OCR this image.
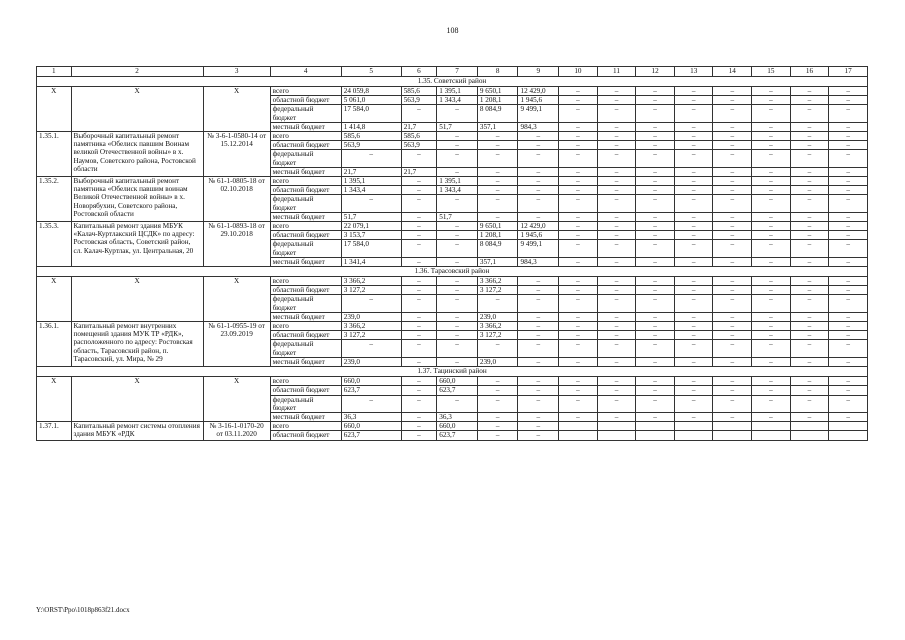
108
1	2	3	4	5	6	7	8	9	10	11	12	13	14	15	16	17
1.35. Советский район																
Х	Х	Х	всего	24 059,8	585,6	1 395,1	9 650,1	12 429,0	–	–	–	–	–	–	–	–
			областной бюджет	5 061,0	563,9	1 343,4	1 208,1	1 945,6	–	–	–	–	–	–	–	–
			федеральный бюджет	17 584,0	–	–	8 084,9	9 499,1	–	–	–	–	–	–	–	–
			местный бюджет	1 414,8	21,7	51,7	357,1	984,3	–	–	–	–	–	–	–	–
1.35.1.	Выборочный капитальный ремонт памятника «Обелиск павшим Воинам великой Отечественной войны» в х. Наумов, Советского района, Ростовской области	№ 3-6-1-0580-14 от 15.12.2014	всего	585,6	585,6	–	–	–	–	–	–	–	–	–	–	–
			областной бюджет	563,9	563,9	–	–	–	–	–	–	–	–	–	–	–
			федеральный бюджет	–	–	–	–	–	–	–	–	–	–	–	–	–
			местный бюджет	21,7	21,7	–	–	–	–	–	–	–	–	–	–	–
1.35.2.	Выборочный капитальный ремонт памятника «Обелиск павшим воинам Великой Отечественной войны» в х. Новорябухин, Советского района, Ростовской области	№ 61-1-0805-18 от 02.10.2018	всего	1 395,1	–	1 395,1	–	–	–	–	–	–	–	–	–	–
			областной бюджет	1 343,4	–	1 343,4	–	–	–	–	–	–	–	–	–	–
			федеральный бюджет	–	–	–	–	–	–	–	–	–	–	–	–	–
			местный бюджет	51,7	–	51,7	–	–	–	–	–	–	–	–	–	–
1.35.3.	Капитальный ремонт здания МБУК «Калач-Куртлакский ЦСДК» по адресу: Ростовская область, Советский район, сл. Калач-Куртлак, ул. Центральная, 20	№ 61-1-0893-18 от 29.10.2018	всего	22 079,1	–	–	9 650,1	12 429,0	–	–	–	–	–	–	–	–
			областной бюджет	3 153,7	–	–	1 208,1	1 945,6	–	–	–	–	–	–	–	–
			федеральный бюджет	17 584,0	–	–	8 084,9	9 499,1	–	–	–	–	–	–	–	–
			местный бюджет	1 341,4	–	–	357,1	984,3	–	–	–	–	–	–	–	–
1.36. Тарасовский район																
Х	Х	Х	всего	3 366,2	–	–	3 366,2	–	–	–	–	–	–	–	–	–
			областной бюджет	3 127,2	–	–	3 127,2	–	–	–	–	–	–	–	–	–
			федеральный бюджет	–	–	–	–	–	–	–	–	–	–	–	–	–
			местный бюджет	239,0	–	–	239,0	–	–	–	–	–	–	–	–	–
1.36.1.	Капитальный ремонт внутренних помещений здания МУК ТР «РДК», расположенного по адресу: Ростовская область, Тарасовский район, п. Тарасовский, ул. Мира, № 29	№ 61-1-0955-19 от 23.09.2019	всего	3 366,2	–	–	3 366,2	–	–	–	–	–	–	–	–	–
			областной бюджет	3 127,2	–	–	3 127,2	–	–	–	–	–	–	–	–	–
			федеральный бюджет	–	–	–	–	–	–	–	–	–	–	–	–	–
			местный бюджет	239,0	–	–	239,0	–	–	–	–	–	–	–	–	–
1.37. Тацинский район																
Х	Х	Х	всего	660,0	–	660,0	–	–	–	–	–	–	–	–	–	–
			областной бюджет	623,7	–	623,7	–	–	–	–	–	–	–	–	–	–
			федеральный бюджет	–	–	–	–	–	–	–	–	–	–	–	–	–
			местный бюджет	36,3	–	36,3	–	–	–	–	–	–	–	–	–	–
1.37.1.	Капитальный ремонт системы отопления здания МБУК «РДК	№ 3-16-1-0170-20 от 03.11.2020	всего	660,0	–	660,0	–	–								
			областной бюджет	623,7	–	623,7	–	–								
Y:\ORST\Ppo\1018p863f21.docx
